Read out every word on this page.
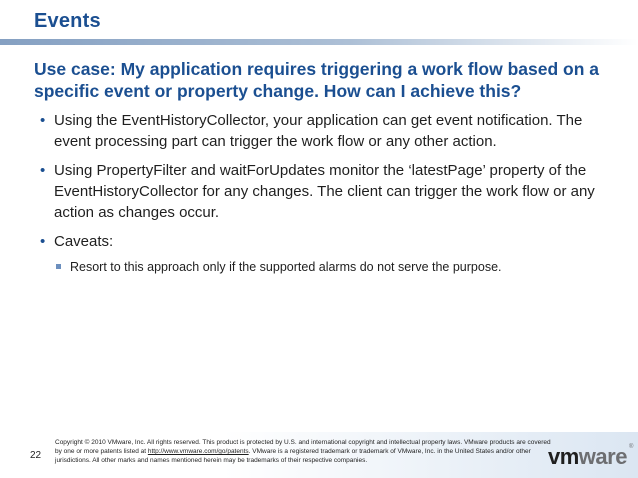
Events

Use case: My application requires triggering a work flow based on a specific event or property change. How can I achieve this?

• Using the EventHistoryCollector, your application can get event notification. The event processing part can trigger the work flow or any other action.
• Using PropertyFilter and waitForUpdates monitor the ‘latestPage’ property of the EventHistoryCollector for any changes. The client can trigger the work flow or any action as changes occur.
• Caveats:
Resort to this approach only if the supported alarms do not serve the purpose.
22
Copyright © 2010 VMware, Inc. All rights reserved. This product is protected by U.S. and international copyright and intellectual property laws. VMware products are covered by one or more patents listed at http://www.vmware.com/go/patents. VMware is a registered trademark or trademark of VMware, Inc. in the United States and/or other jurisdictions. All other marks and names mentioned herein may be trademarks of their respective companies.	vmware ®
